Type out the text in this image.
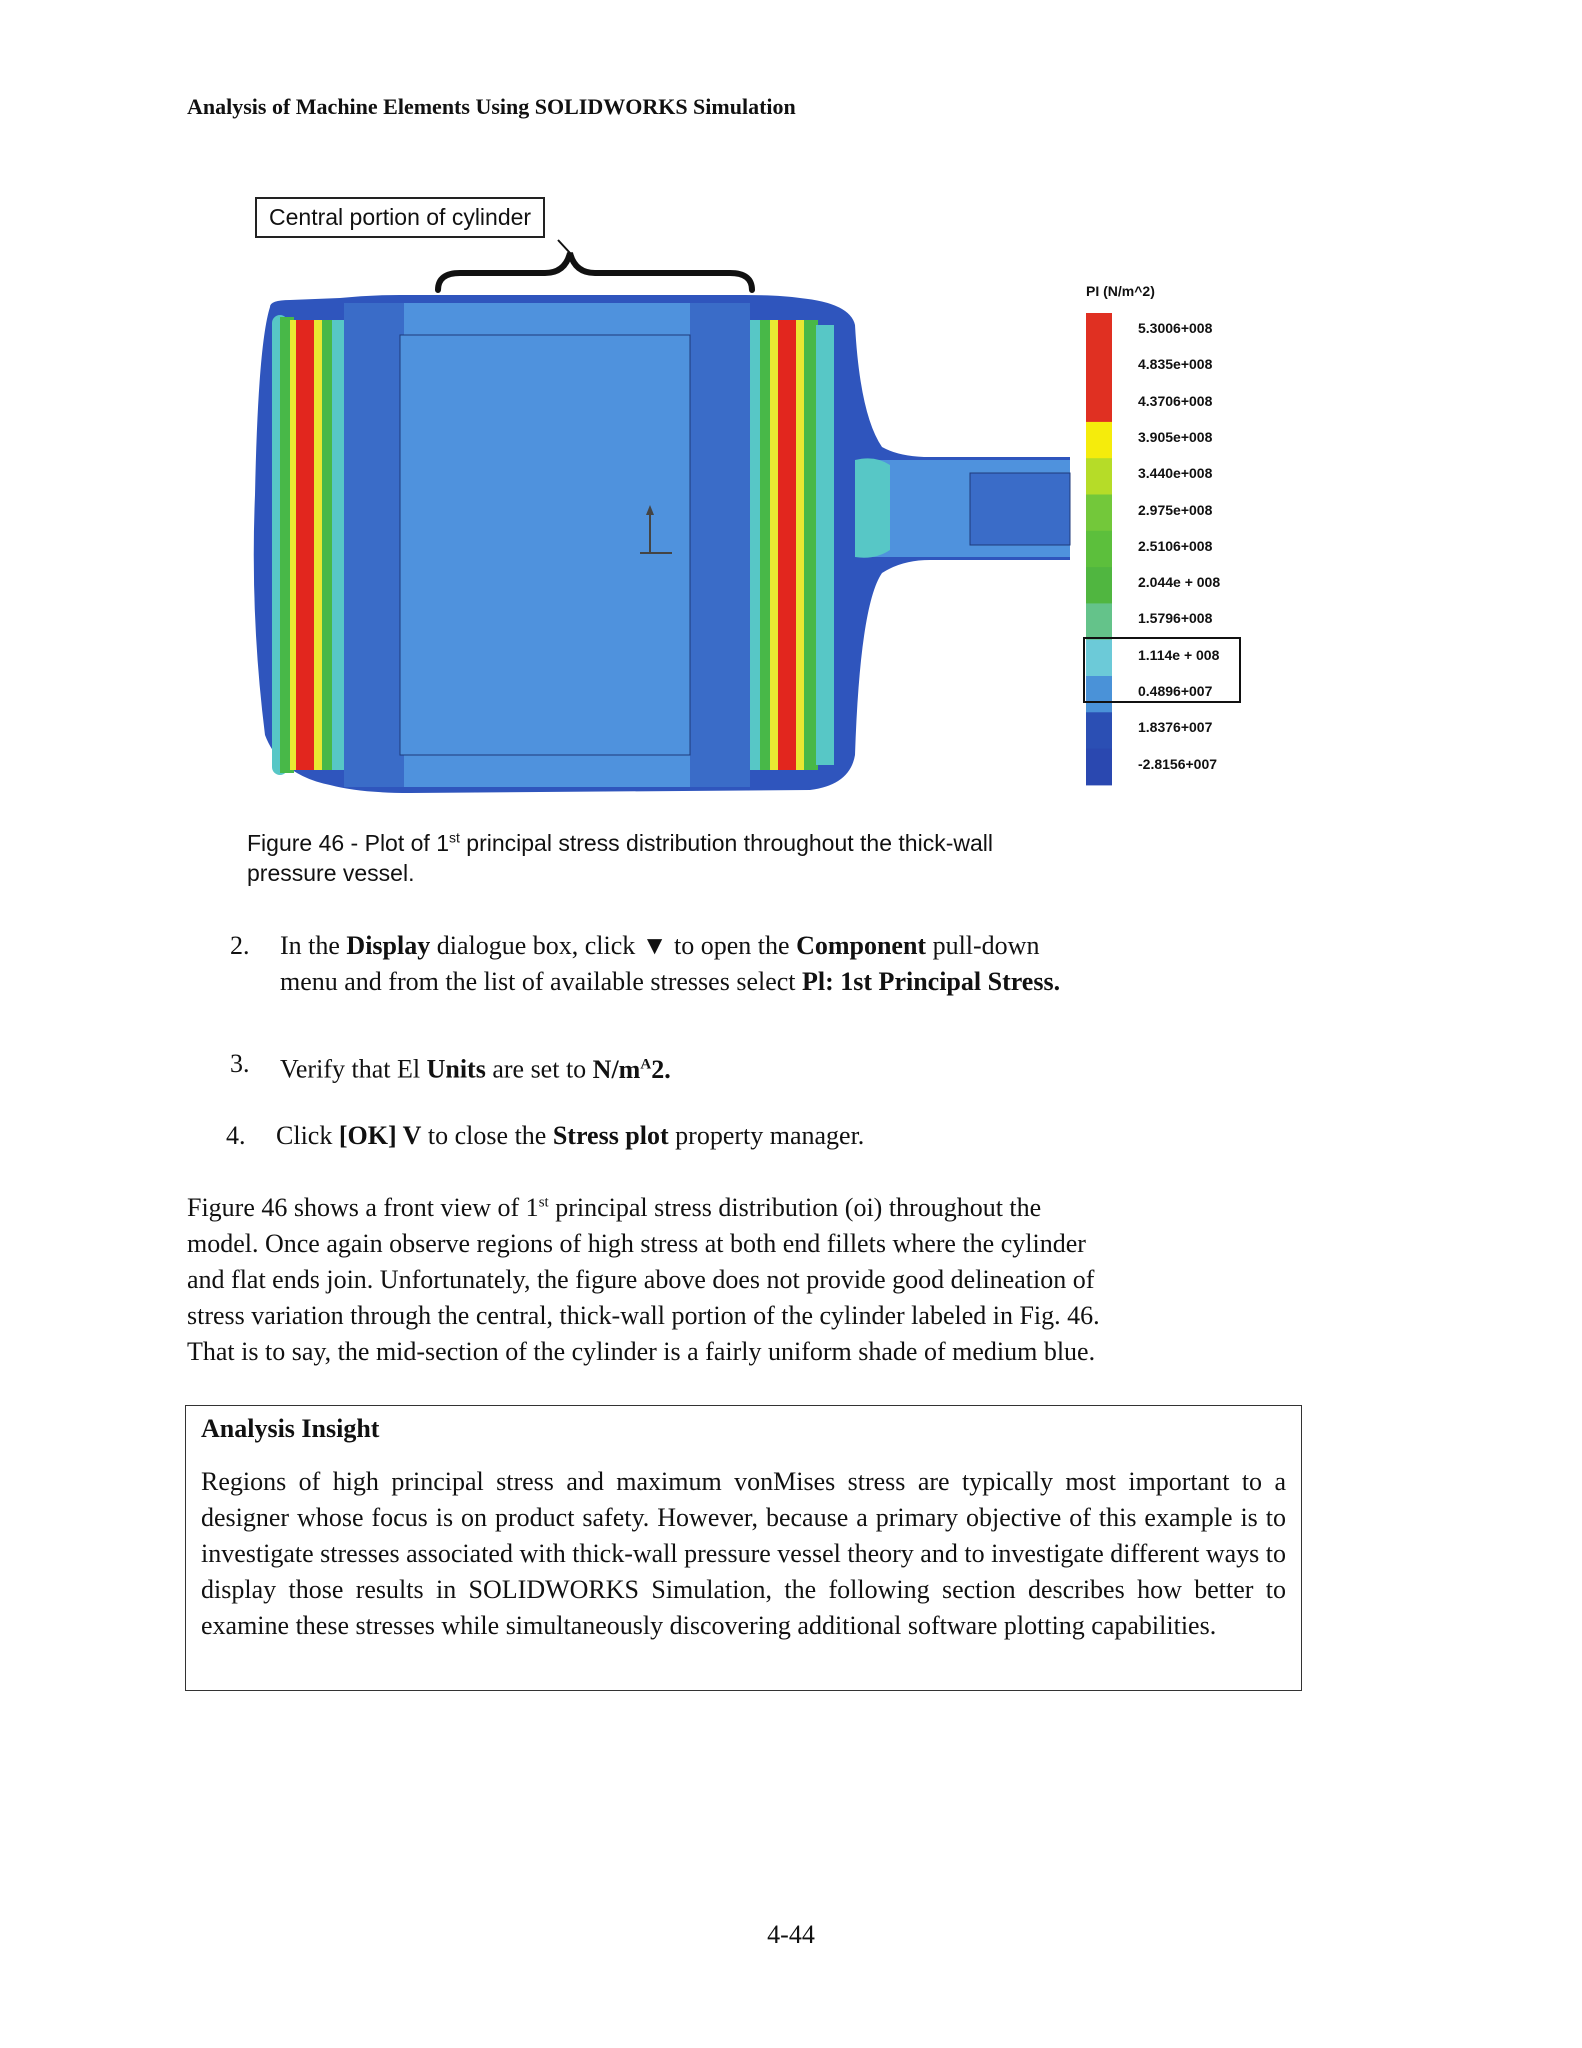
Analysis of Machine Elements Using SOLIDWORKS Simulation
Central portion of cylinder
PI (N/m^2)
5.3006+008
4.835e+008
4.3706+008
3.905e+008
3.440e+008
2.975e+008
2.5106+008
2.044e + 008
1.5796+008
1.114e + 008
0.4896+007
1.8376+007
-2.8156+007
Figure 46 - Plot of 1st principal stress distribution throughout the thick-wall
pressure vessel.
2. In the Display dialogue box, click ▼ to open the Component pull-down
menu and from the list of available stresses select Pl: 1st Principal Stress.
3. Verify that El Units are set to $N/m^A2$.
4. Click [OK] V to close the Stress plot property manager.
Figure 46 shows a front view of 1st principal stress distribution (oi) throughout the
model. Once again observe regions of high stress at both end fillets where the cylinder
and flat ends join. Unfortunately, the figure above does not provide good delineation of
stress variation through the central, thick-wall portion of the cylinder labeled in Fig. 46.
That is to say, the mid-section of the cylinder is a fairly uniform shade of medium blue.
Analysis Insight
Regions of high principal stress and maximum vonMises stress are typically most important to a designer whose focus is on product safety. However, because a primary objective of this example is to investigate stresses associated with thick-wall pressure vessel theory and to investigate different ways to display those results in SOLIDWORKS Simulation, the following section describes how better to examine these stresses while simultaneously discovering additional software plotting capabilities.
4-44
